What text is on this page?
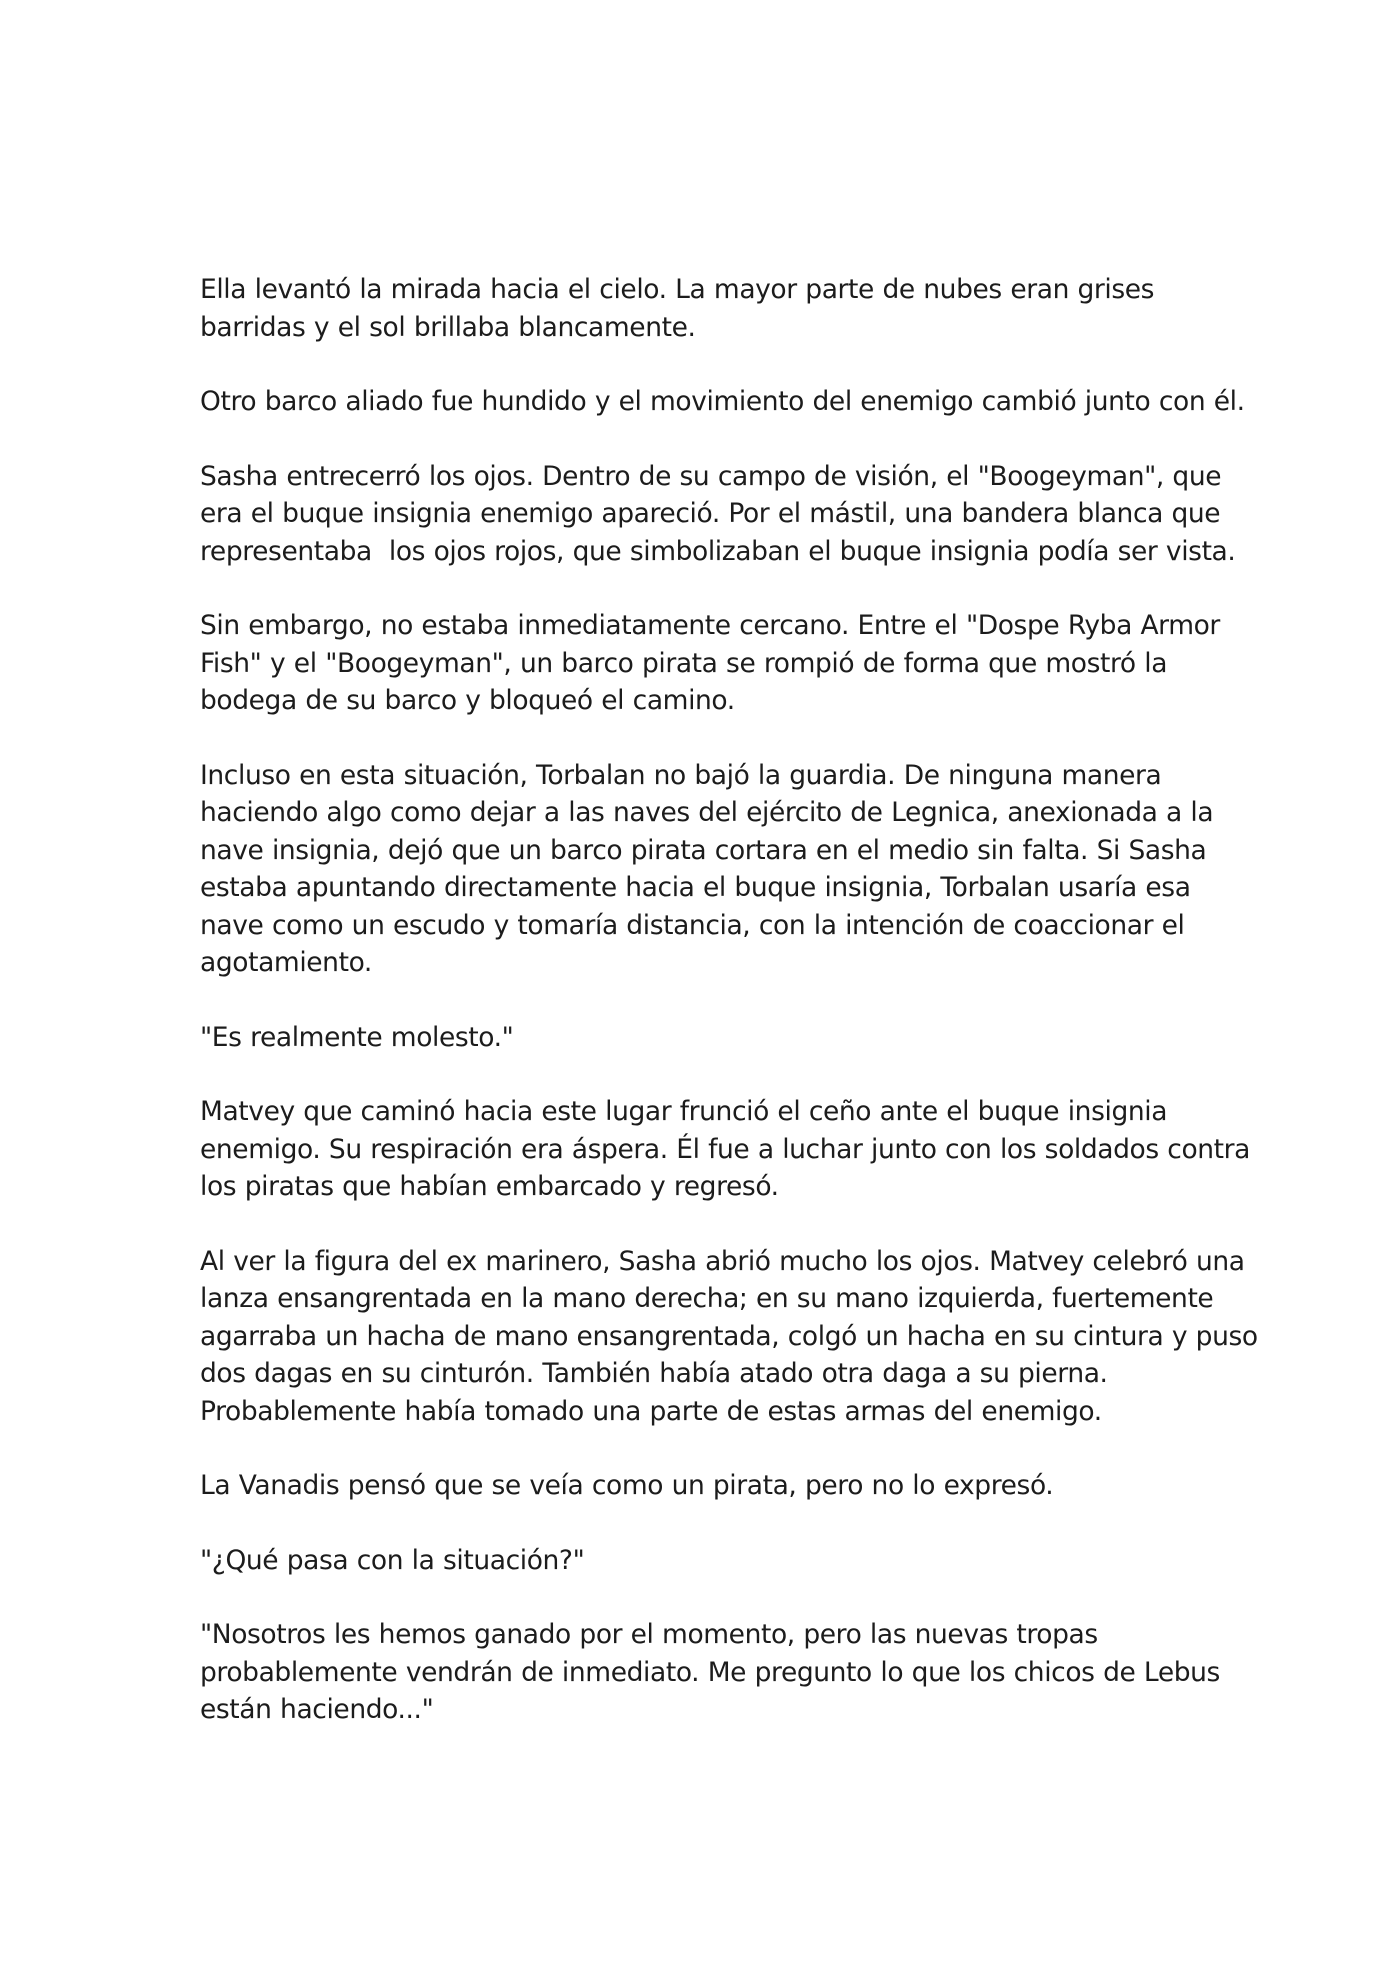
Ella levantó la mirada hacia el cielo. La mayor parte de nubes eran grises
barridas y el sol brillaba blancamente.

Otro barco aliado fue hundido y el movimiento del enemigo cambió junto con él.

Sasha entrecerró los ojos. Dentro de su campo de visión, el "Boogeyman", que
era el buque insignia enemigo apareció. Por el mástil, una bandera blanca que
representaba  los ojos rojos, que simbolizaban el buque insignia podía ser vista.

Sin embargo, no estaba inmediatamente cercano. Entre el "Dospe Ryba Armor
Fish" y el "Boogeyman", un barco pirata se rompió de forma que mostró la
bodega de su barco y bloqueó el camino.

Incluso en esta situación, Torbalan no bajó la guardia. De ninguna manera
haciendo algo como dejar a las naves del ejército de Legnica, anexionada a la
nave insignia, dejó que un barco pirata cortara en el medio sin falta. Si Sasha
estaba apuntando directamente hacia el buque insignia, Torbalan usaría esa
nave como un escudo y tomaría distancia, con la intención de coaccionar el
agotamiento.

"Es realmente molesto."

Matvey que caminó hacia este lugar frunció el ceño ante el buque insignia
enemigo. Su respiración era áspera. Él fue a luchar junto con los soldados contra
los piratas que habían embarcado y regresó.

Al ver la figura del ex marinero, Sasha abrió mucho los ojos. Matvey celebró una
lanza ensangrentada en la mano derecha; en su mano izquierda, fuertemente
agarraba un hacha de mano ensangrentada, colgó un hacha en su cintura y puso
dos dagas en su cinturón. También había atado otra daga a su pierna.
Probablemente había tomado una parte de estas armas del enemigo.

La Vanadis pensó que se veía como un pirata, pero no lo expresó.

"¿Qué pasa con la situación?"

"Nosotros les hemos ganado por el momento, pero las nuevas tropas
probablemente vendrán de inmediato. Me pregunto lo que los chicos de Lebus
están haciendo..."
